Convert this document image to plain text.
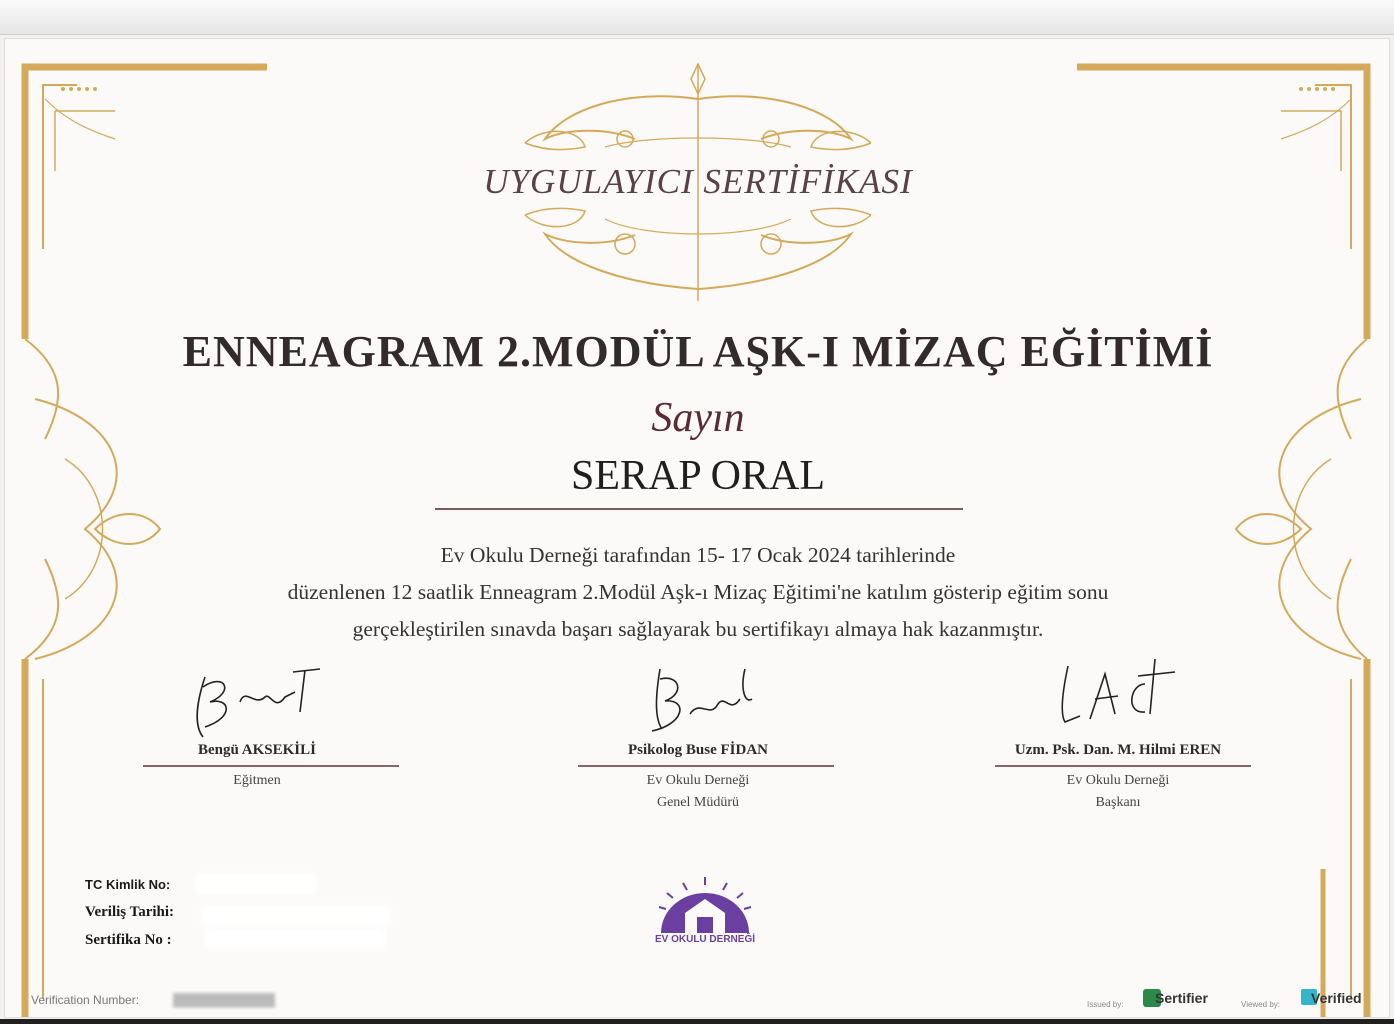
UYGULAYICI SERTİFİKASI
ENNEAGRAM 2.MODÜL AŞK-I MİZAÇ EĞİTİMİ
Sayın
SERAP ORAL
Ev Okulu Derneği tarafından 15- 17 Ocak 2024 tarihlerinde
düzenlenen 12 saatlik Enneagram 2.Modül Aşk-ı Mizaç Eğitimi'ne katılım gösterip eğitim sonu
gerçekleştirilen sınavda başarı sağlayarak bu sertifikayı almaya hak kazanmıştır.
Bengü AKSEKİLİ
Eğitmen
Psikolog Buse FİDAN
Ev Okulu Derneği
Genel Müdürü
Uzm. Psk. Dan. M. Hilmi EREN
Ev Okulu Derneği
Başkanı
TC Kimlik No:
Veriliş Tarihi:
Sertifika No :	EV OKULU DERNEĞİ
Verification Number:	████████████	Issued by: Sertifier	Viewed by: Verified
